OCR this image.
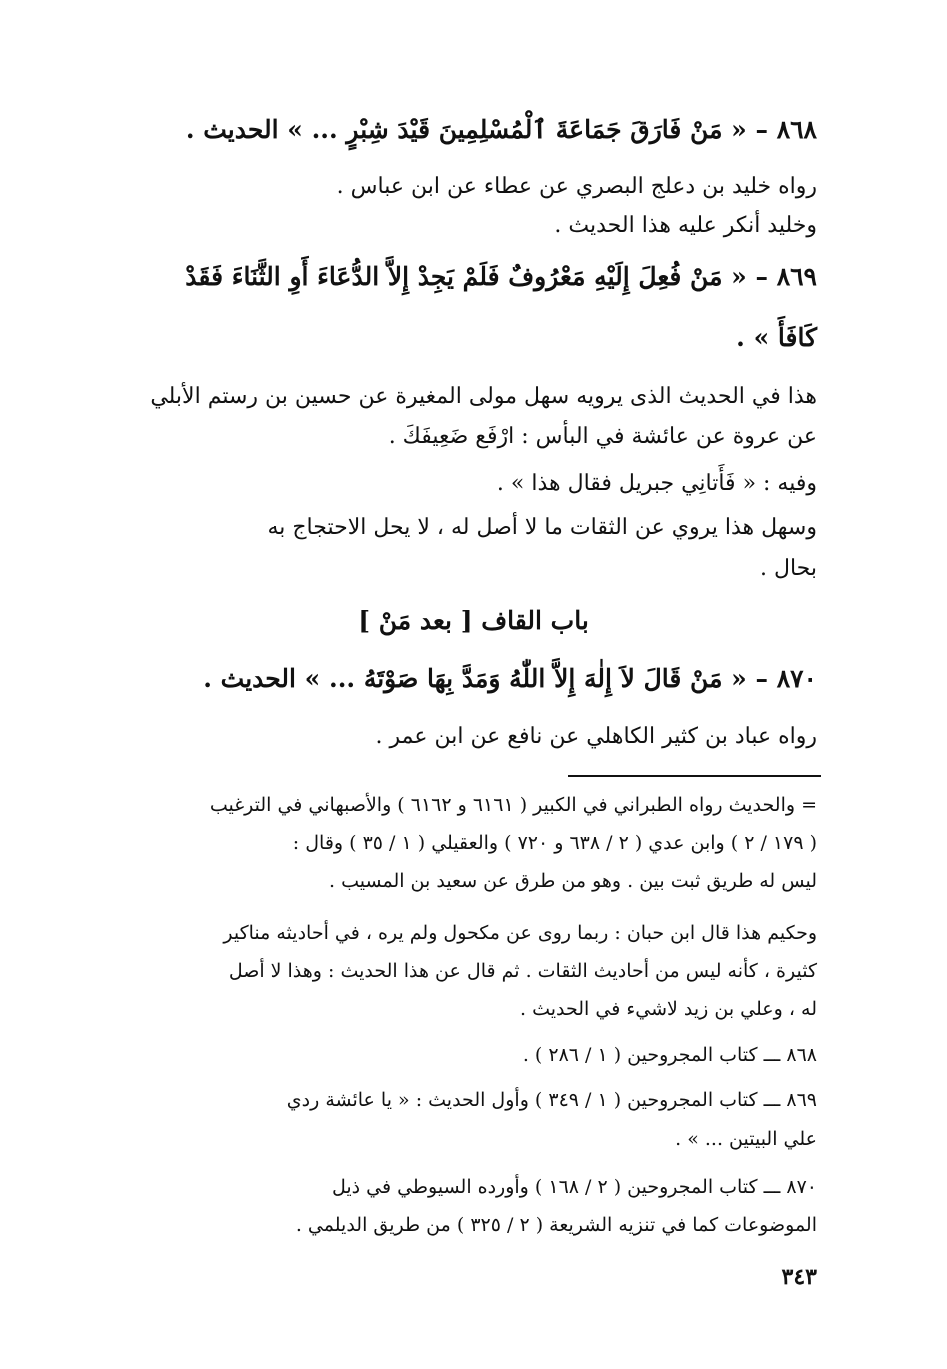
٨٦٨ – « مَنْ فَارَقَ جَمَاعَةَ ٱلْمُسْلِمِينَ قَيْدَ شِبْرٍ ... » الحديث .
رواه خليد بن دعلج البصري عن عطاء عن ابن عباس .
وخليد أنكر عليه هذا الحديث .
٨٦٩ – « مَنْ فُعِلَ إِلَيْهِ مَعْرُوفٌ فَلَمْ يَجِدْ إِلاَّ الدُّعَاءَ أَوِ الثَّنَاءَ فَقَدْ
كَافَأَ » .
هذا في الحديث الذى يرويه سهل مولى المغيرة عن حسين بن رستم الأبلي
عن عروة عن عائشة في البأس : ارْفَع ضَعِيفَكَ .
وفيه : « فَأَتانِي جبريل فقال هذا » .
وسهل هذا يروي عن الثقات ما لا أصل له ، لا يحل الاحتجاج به
بحال .
باب القاف [ بعد مَنْ ]
٨٧٠ – « مَنْ قَالَ لاَ إِلٰهَ إِلاَّ اللّٰهُ وَمَدَّ بِهَا صَوْتَهُ ... » الحديث .
رواه عباد بن كثير الكاهلي عن نافع عن ابن عمر .
= والحديث رواه الطبراني في الكبير ( ٦١٦١ و ٦١٦٢ ) والأصبهاني في الترغيب
( ١٧٩ / ٢ ) وابن عدي ( ٢ / ٦٣٨ و ٧٢٠ ) والعقيلي ( ١ / ٣٥ ) وقال :
ليس له طريق ثبت بين . وهو من طرق عن سعيد بن المسيب .
وحكيم هذا قال ابن حبان : ربما روى عن مكحول ولم يره ، في أحاديثه مناكير
كثيرة ، كأنه ليس من أحاديث الثقات . ثم قال عن هذا الحديث : وهذا لا أصل
له ، وعلي بن زيد لاشيء في الحديث .
٨٦٨ ـــ كتاب المجروحين ( ١ / ٢٨٦ ) .
٨٦٩ ـــ كتاب المجروحين ( ١ / ٣٤٩ ) وأول الحديث : « يا عائشة ردي
علي البيتين ... » .
٨٧٠ ـــ كتاب المجروحين ( ٢ / ١٦٨ ) وأورده السيوطي في ذيل
الموضوعات كما في تنزيه الشريعة ( ٢ / ٣٢٥ ) من طريق الديلمي .
٣٤٣
